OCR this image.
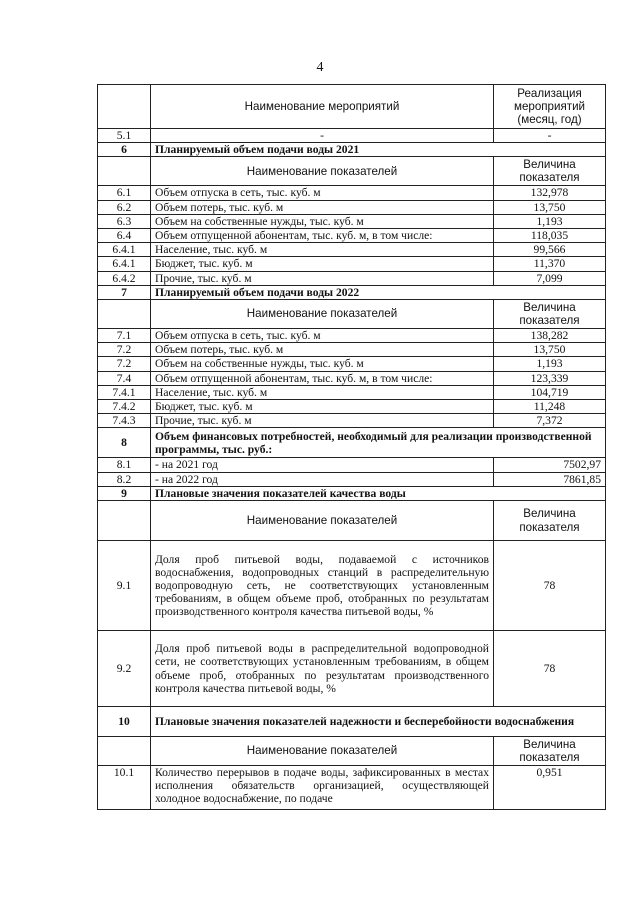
4
	Наименование мероприятий	Реализация мероприятий (месяц, год)
5.1	-	-
6	Планируемый объем подачи воды 2021	
	Наименование показателей	Величина показателя
6.1	Объем отпуска в сеть, тыс. куб. м	132,978
6.2	Объем потерь, тыс. куб. м	13,750
6.3	Объем на собственные нужды, тыс. куб. м	1,193
6.4	Объем отпущенной абонентам, тыс. куб. м, в том числе:	118,035
6.4.1	Население, тыс. куб. м	99,566
6.4.1	Бюджет, тыс. куб. м	11,370
6.4.2	Прочие, тыс. куб. м	7,099
7	Планируемый объем подачи воды 2022	
	Наименование показателей	Величина показателя
7.1	Объем отпуска в сеть, тыс. куб. м	138,282
7.2	Объем потерь, тыс. куб. м	13,750
7.2	Объем на собственные нужды, тыс. куб. м	1,193
7.4	Объем отпущенной абонентам, тыс. куб. м, в том числе:	123,339
7.4.1	Население, тыс. куб. м	104,719
7.4.2	Бюджет, тыс. куб. м	11,248
7.4.3	Прочие, тыс. куб. м	7,372
8	Объем финансовых потребностей, необходимый для реализации производственной программы, тыс. руб.:	
8.1	- на 2021 год	7502,97
8.2	- на 2022 год	7861,85
9	Плановые значения показателей качества воды	
	Наименование показателей	Величина показателя
9.1	Доля проб питьевой воды, подаваемой с источников водоснабжения, водопроводных станций в распределительную водопроводную сеть, не соответствующих установленным требованиям, в общем объеме проб, отобранных по результатам производственного контроля качества питьевой воды, %	78
9.2	Доля проб питьевой воды в распределительной водопроводной сети, не соответствующих установленным требованиям, в общем объеме проб, отобранных по результатам производственного контроля качества питьевой воды, %	78
10	Плановые значения показателей надежности и бесперебойности водоснабжения	
	Наименование показателей	Величина показателя
10.1	Количество перерывов в подаче воды, зафиксированных в местах исполнения обязательств организацией, осуществляющей холодное водоснабжение, по подаче	0,951
